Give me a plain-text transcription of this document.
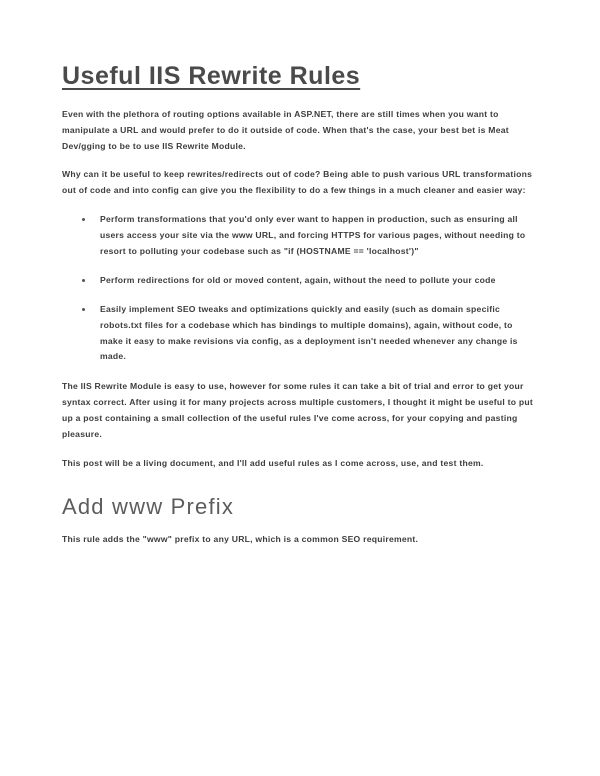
Useful IIS Rewrite Rules

Even with the plethora of routing options available in ASP.NET, there are still times when you want to manipulate a URL and would prefer to do it outside of code. When that's the case, your best bet is Meat Dev/gging to be to use IIS Rewrite Module.

Why can it be useful to keep rewrites/redirects out of code? Being able to push various URL transformations out of code and into config can give you the flexibility to do a few things in a much cleaner and easier way:

Perform transformations that you'd only ever want to happen in production, such as ensuring all users access your site via the www URL, and forcing HTTPS for various pages, without needing to resort to polluting your codebase such as "if (HOSTNAME == 'localhost')"
Perform redirections for old or moved content, again, without the need to pollute your code
Easily implement SEO tweaks and optimizations quickly and easily (such as domain specific robots.txt files for a codebase which has bindings to multiple domains), again, without code, to make it easy to make revisions via config, as a deployment isn't needed whenever any change is made.

The IIS Rewrite Module is easy to use, however for some rules it can take a bit of trial and error to get your syntax correct. After using it for many projects across multiple customers, I thought it might be useful to put up a post containing a small collection of the useful rules I've come across, for your copying and pasting pleasure.

This post will be a living document, and I'll add useful rules as I come across, use, and test them.

Add www Prefix

This rule adds the "www" prefix to any URL, which is a common SEO requirement.
